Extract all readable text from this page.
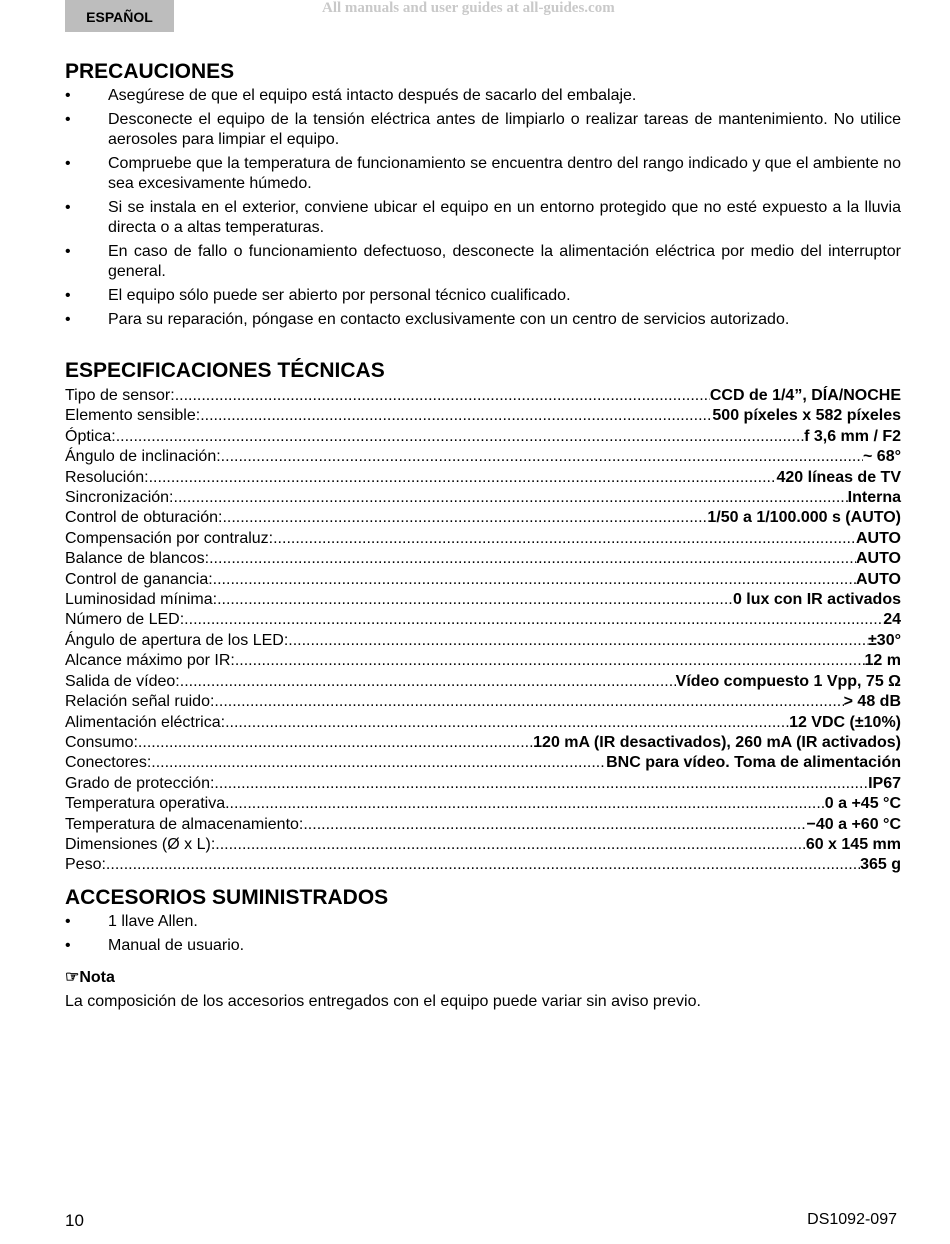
ESPAÑOL
All manuals and user guides at all-guides.com
PRECAUCIONES
• Asegúrese de que el equipo está intacto después de sacarlo del embalaje.
• Desconecte el equipo de la tensión eléctrica antes de limpiarlo o realizar tareas de mantenimiento. No utilice aerosoles para limpiar el equipo.
• Compruebe que la temperatura de funcionamiento se encuentra dentro del rango indicado y que el ambiente no sea excesivamente húmedo.
• Si se instala en el exterior, conviene ubicar el equipo en un entorno protegido que no esté expuesto a la lluvia directa o a altas temperaturas.
• En caso de fallo o funcionamiento defectuoso, desconecte la alimentación eléctrica por medio del interruptor general.
• El equipo sólo puede ser abierto por personal técnico cualificado.
• Para su reparación, póngase en contacto exclusivamente con un centro de servicios autorizado.
ESPECIFICACIONES TÉCNICAS
Tipo de sensor: .....	CCD de 1/4”, DÍA/NOCHE
Elemento sensible: .....	500 píxeles x 582 píxeles
Óptica: .....	f 3,6 mm / F2
Ángulo de inclinación: .....	~ 68°
Resolución: .....	420 líneas de TV
Sincronización: .....	Interna
Control de obturación: .....	1/50 a 1/100.000 s (AUTO)
Compensación por contraluz: .....	AUTO
Balance de blancos: .....	AUTO
Control de ganancia: .....	AUTO
Luminosidad mínima: .....	0 lux con IR activados
Número de LED: .....	24
Ángulo de apertura de los LED: .....	±30°
Alcance máximo por IR: .....	12 m
Salida de vídeo: .....	Vídeo compuesto 1 Vpp, 75 Ω
Relación señal ruido: .....	> 48 dB
Alimentación eléctrica: .....	12 VDC (±10%)
Consumo: .....	120 mA (IR desactivados), 260 mA (IR activados)
Conectores: .....	BNC para vídeo. Toma de alimentación
Grado de protección: .....	IP67
Temperatura operativa .....	0 a +45 °C
Temperatura de almacenamiento: .....	−40 a +60 °C
Dimensiones (Ø x L): .....	60 x 145 mm
Peso: .....	365 g
ACCESORIOS SUMINISTRADOS
• 1 llave Allen.
• Manual de usuario.
☞Nota
La composición de los accesorios entregados con el equipo puede variar sin aviso previo.
10	DS1092-097
